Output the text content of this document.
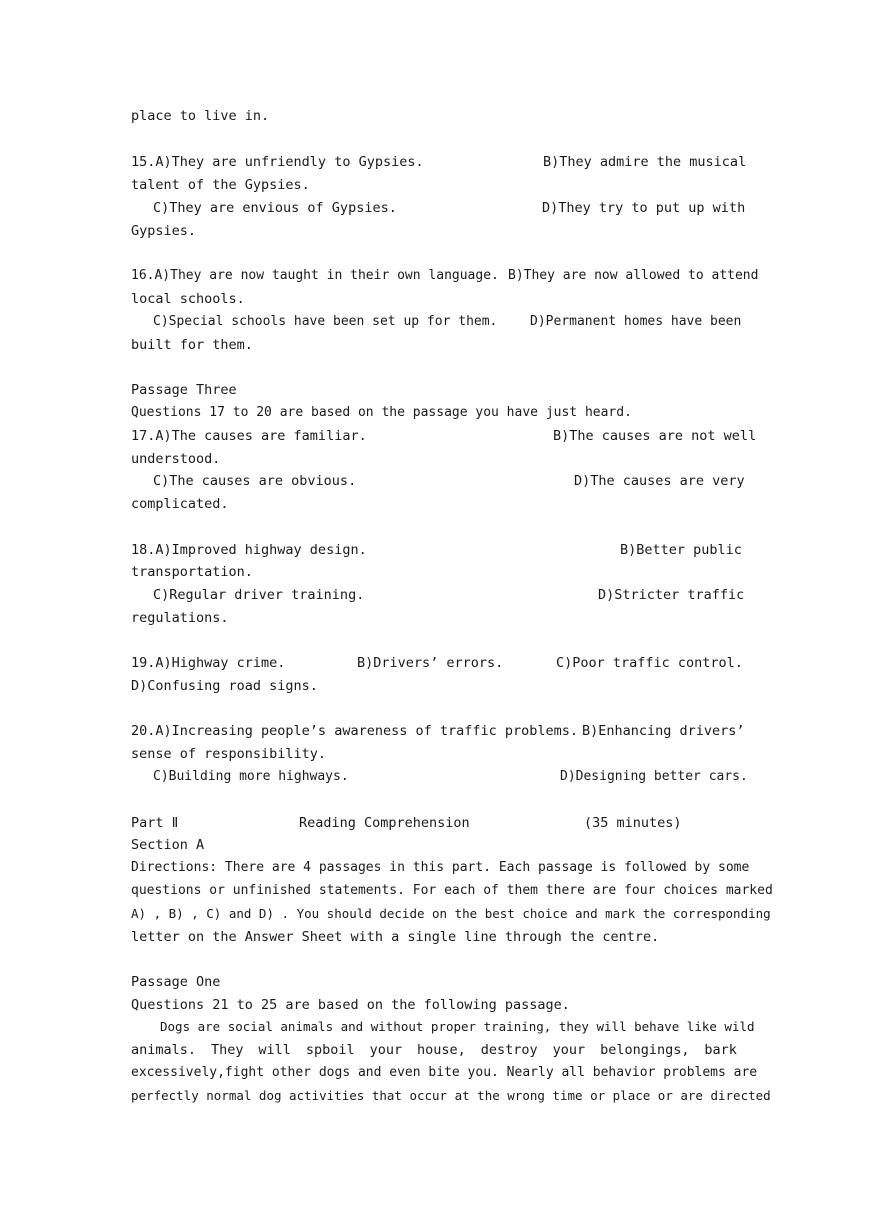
place to live in.
15.A)They are unfriendly to Gypsies.	B)They admire the musical
talent of the Gypsies.
C)They are envious of Gypsies.	D)They try to put up with
Gypsies.
16.A)They are now taught in their own language. B)They are now allowed to attend
local schools.
C)Special schools have been set up for them.	D)Permanent homes have been
built for them.
Passage Three
Questions 17 to 20 are based on the passage you have just heard.
17.A)The causes are familiar.	B)The causes are not well
understood.
C)The causes are obvious.	D)The causes are very
complicated.
18.A)Improved highway design.	B)Better public
transportation.
C)Regular driver training.	D)Stricter traffic
regulations.
19.A)Highway crime.	B)Drivers’ errors.	C)Poor traffic control.
D)Confusing road signs.
20.A)Increasing people’s awareness of traffic problems. B)Enhancing drivers’
sense of responsibility.
C)Building more highways.	D)Designing better cars.
Part Ⅱ	Reading Comprehension	(35 minutes)
Section A
Directions: There are 4 passages in this part. Each passage is followed by some
questions or unfinished statements. For each of them there are four choices marked
A) , B) , C) and D) . You should decide on the best choice and mark the corresponding
letter on the Answer Sheet with a single line through the centre.
Passage One
Questions 21 to 25 are based on the following passage.
Dogs are social animals and without proper training, they will behave like wild
animals. They will spboil your house, destroy your belongings, bark
excessively,fight other dogs and even bite you. Nearly all behavior problems are
perfectly normal dog activities that occur at the wrong time or place or are directed
